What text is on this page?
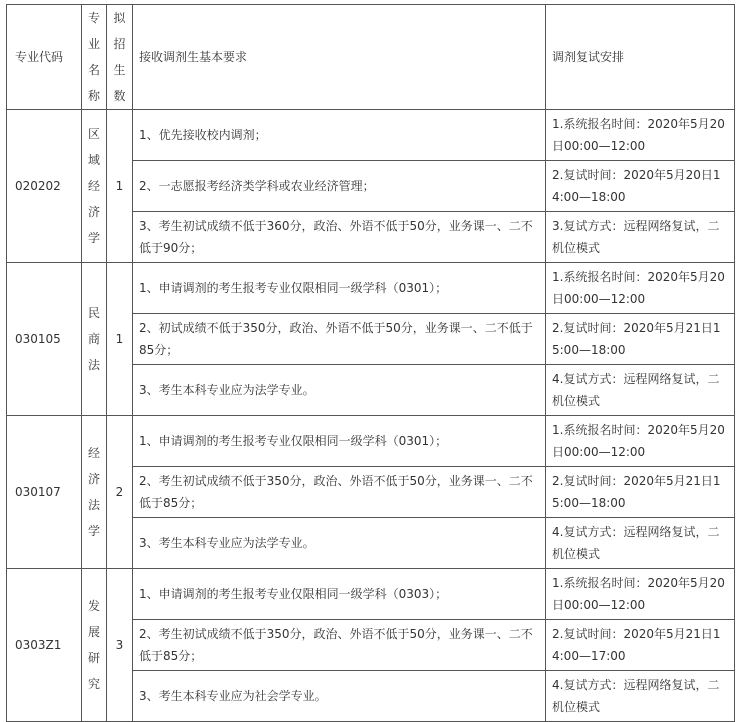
专业代码	专业名称	拟招生数	接收调剂生基本要求	调剂复试安排
020202	区域经济学	1	1、优先接收校内调剂；	1.系统报名时间：2020年5月20日00:00—12:00
			2、一志愿报考经济类学科或农业经济管理；	2.复试时间：2020年5月20日14:00—18:00
			3、考生初试成绩不低于360分，政治、外语不低于50分，业务课一、二不低于90分；	3.复试方式：远程网络复试，二机位模式
030105	民商法	1	1、申请调剂的考生报考专业仅限相同一级学科（0301）；	1.系统报名时间：2020年5月20日00:00—12:00
			2、初试成绩不低于350分，政治、外语不低于50分，业务课一、二不低于85分；	2.复试时间：2020年5月21日15:00—18:00
			3、考生本科专业应为法学专业。	4.复试方式：远程网络复试，二机位模式
030107	经济法学	2	1、申请调剂的考生报考专业仅限相同一级学科（0301）；	1.系统报名时间：2020年5月20日00:00—12:00
			2、考生初试成绩不低于350分，政治、外语不低于50分，业务课一、二不低于85分；	2.复试时间：2020年5月21日15:00—18:00
			3、考生本科专业应为法学专业。	4.复试方式：远程网络复试，二机位模式
0303Z1	发展研究	3	1、申请调剂的考生报考专业仅限相同一级学科（0303）；	1.系统报名时间：2020年5月20日00:00—12:00
			2、考生初试成绩不低于350分，政治、外语不低于50分，业务课一、二不低于85分；	2.复试时间：2020年5月21日14:00—17:00
			3、考生本科专业应为社会学专业。	4.复试方式：远程网络复试，二机位模式
